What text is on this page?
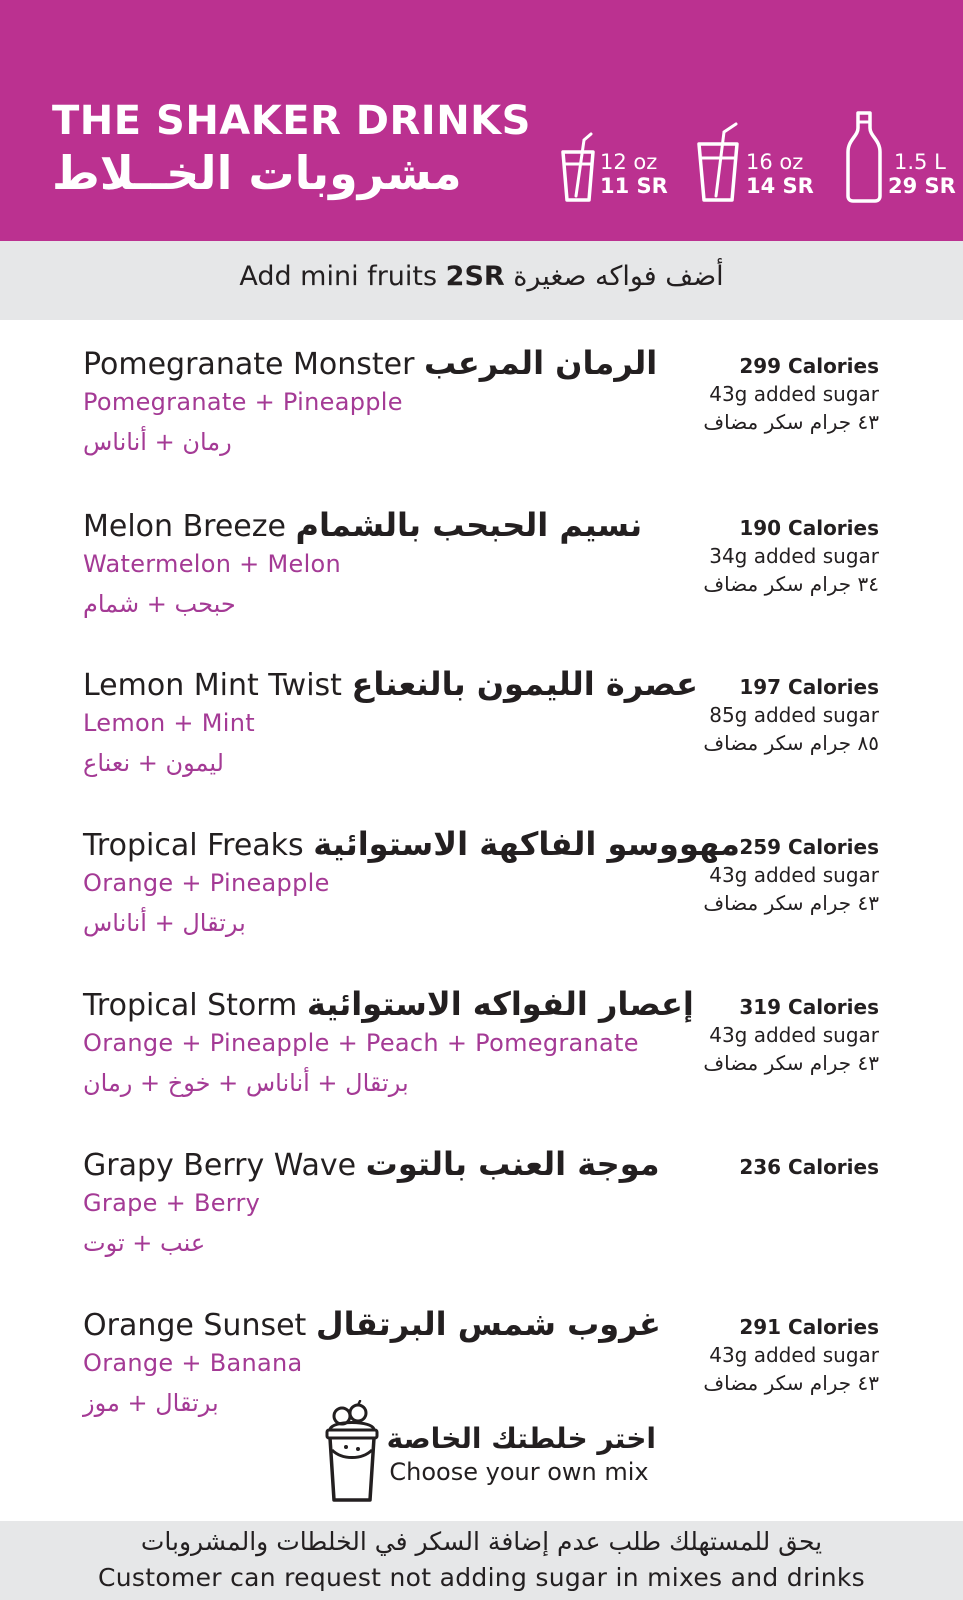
THE SHAKER DRINKS
مشروبات الخــلاط	12 oz
11 SR
16 oz
14 SR
1.5 L
29 SR
Add mini fruits 2SR أضف فواكه صغيرة
Pomegranate Monster الرمان المرعب
Pomegranate + Pineapple
رمان + أناناس
299 Calories
43g added sugar
٤٣ جرام سكر مضاف
Melon Breeze نسيم الحبحب بالشمام
Watermelon + Melon
حبحب + شمام
190 Calories
34g added sugar
٣٤ جرام سكر مضاف
Lemon Mint Twist عصرة الليمون بالنعناع
Lemon + Mint
ليمون + نعناع
197 Calories
85g added sugar
٨٥ جرام سكر مضاف
Tropical Freaks مهووسو الفاكهة الاستوائية
Orange + Pineapple
برتقال + أناناس
259 Calories
43g added sugar
٤٣ جرام سكر مضاف
Tropical Storm إعصار الفواكه الاستوائية
Orange + Pineapple + Peach + Pomegranate
برتقال + أناناس + خوخ + رمان
319 Calories
43g added sugar
٤٣ جرام سكر مضاف
Grapy Berry Wave موجة العنب بالتوت
Grape + Berry
عنب + توت
236 Calories
Orange Sunset غروب شمس البرتقال
Orange + Banana
برتقال + موز
291 Calories
43g added sugar
٤٣ جرام سكر مضاف
اختر خلطتك الخاصة
Choose your own mix
يحق للمستهلك طلب عدم إضافة السكر في الخلطات والمشروبات
Customer can request not adding sugar in mixes and drinks
